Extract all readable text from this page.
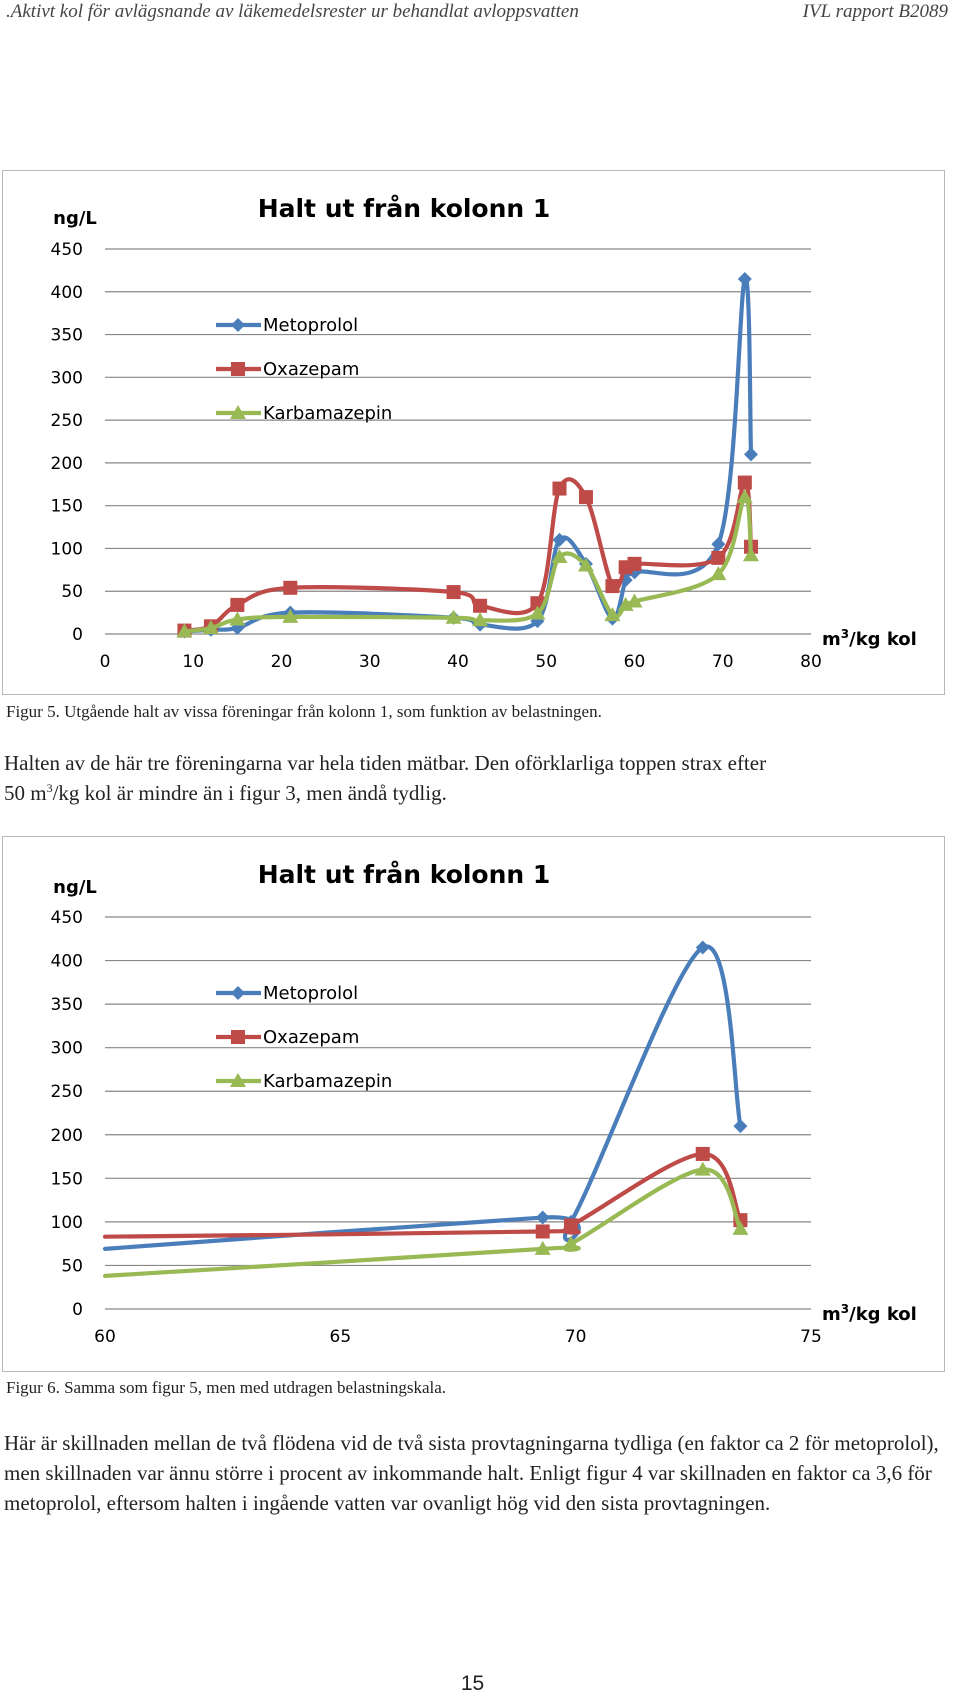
.Aktivt kol för avlägsnande av läkemedelsrester ur behandlat avloppsvatten	IVL rapport B2089
Halt ut från kolonn 1
ng/L
0
50
100
150
200
250
300
350
400
450
0	10	20	30	40	50	60	70	80
$m^3/kg$ kol
Metoprolol
Oxazepam
Karbamazepin
Figur 5. Utgående halt av vissa föreningar från kolonn 1, som funktion av belastningen.
Halten av de här tre föreningarna var hela tiden mätbar. Den oförklarliga toppen strax efter
50 $m^3/kg$ kol är mindre än i figur 3, men ändå tydlig.
Halt ut från kolonn 1
ng/L
0
50
100
150
200
250
300
350
400
450
60	65	70	75
$m^3/kg$ kol
Metoprolol
Oxazepam
Karbamazepin
Figur 6. Samma som figur 5, men med utdragen belastningskala.
Här är skillnaden mellan de två flödena vid de två sista provtagningarna tydliga (en faktor ca 2 för metoprolol), men skillnaden var ännu större i procent av inkommande halt. Enligt figur 4 var skillnaden en faktor ca 3,6 för metoprolol, eftersom halten i ingående vatten var ovanligt hög vid den sista provtagningen.
15
